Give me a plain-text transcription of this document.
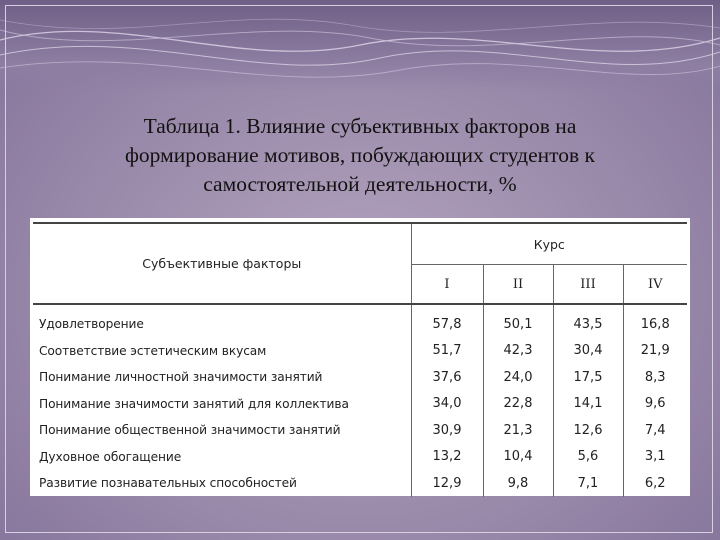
Таблица 1. Влияние субъективных факторов на
формирование мотивов, побуждающих студентов к
самостоятельной деятельности, %
Субъективные факторы	Курс			
	I	II	III	IV
Удовлетворение	57,8	50,1	43,5	16,8
Соответствие эстетическим вкусам	51,7	42,3	30,4	21,9
Понимание личностной значимости занятий	37,6	24,0	17,5	8,3
Понимание значимости занятий для коллектива	34,0	22,8	14,1	9,6
Понимание общественной значимости занятий	30,9	21,3	12,6	7,4
Духовное обогащение	13,2	10,4	5,6	3,1
Развитие познавательных способностей	12,9	9,8	7,1	6,2
